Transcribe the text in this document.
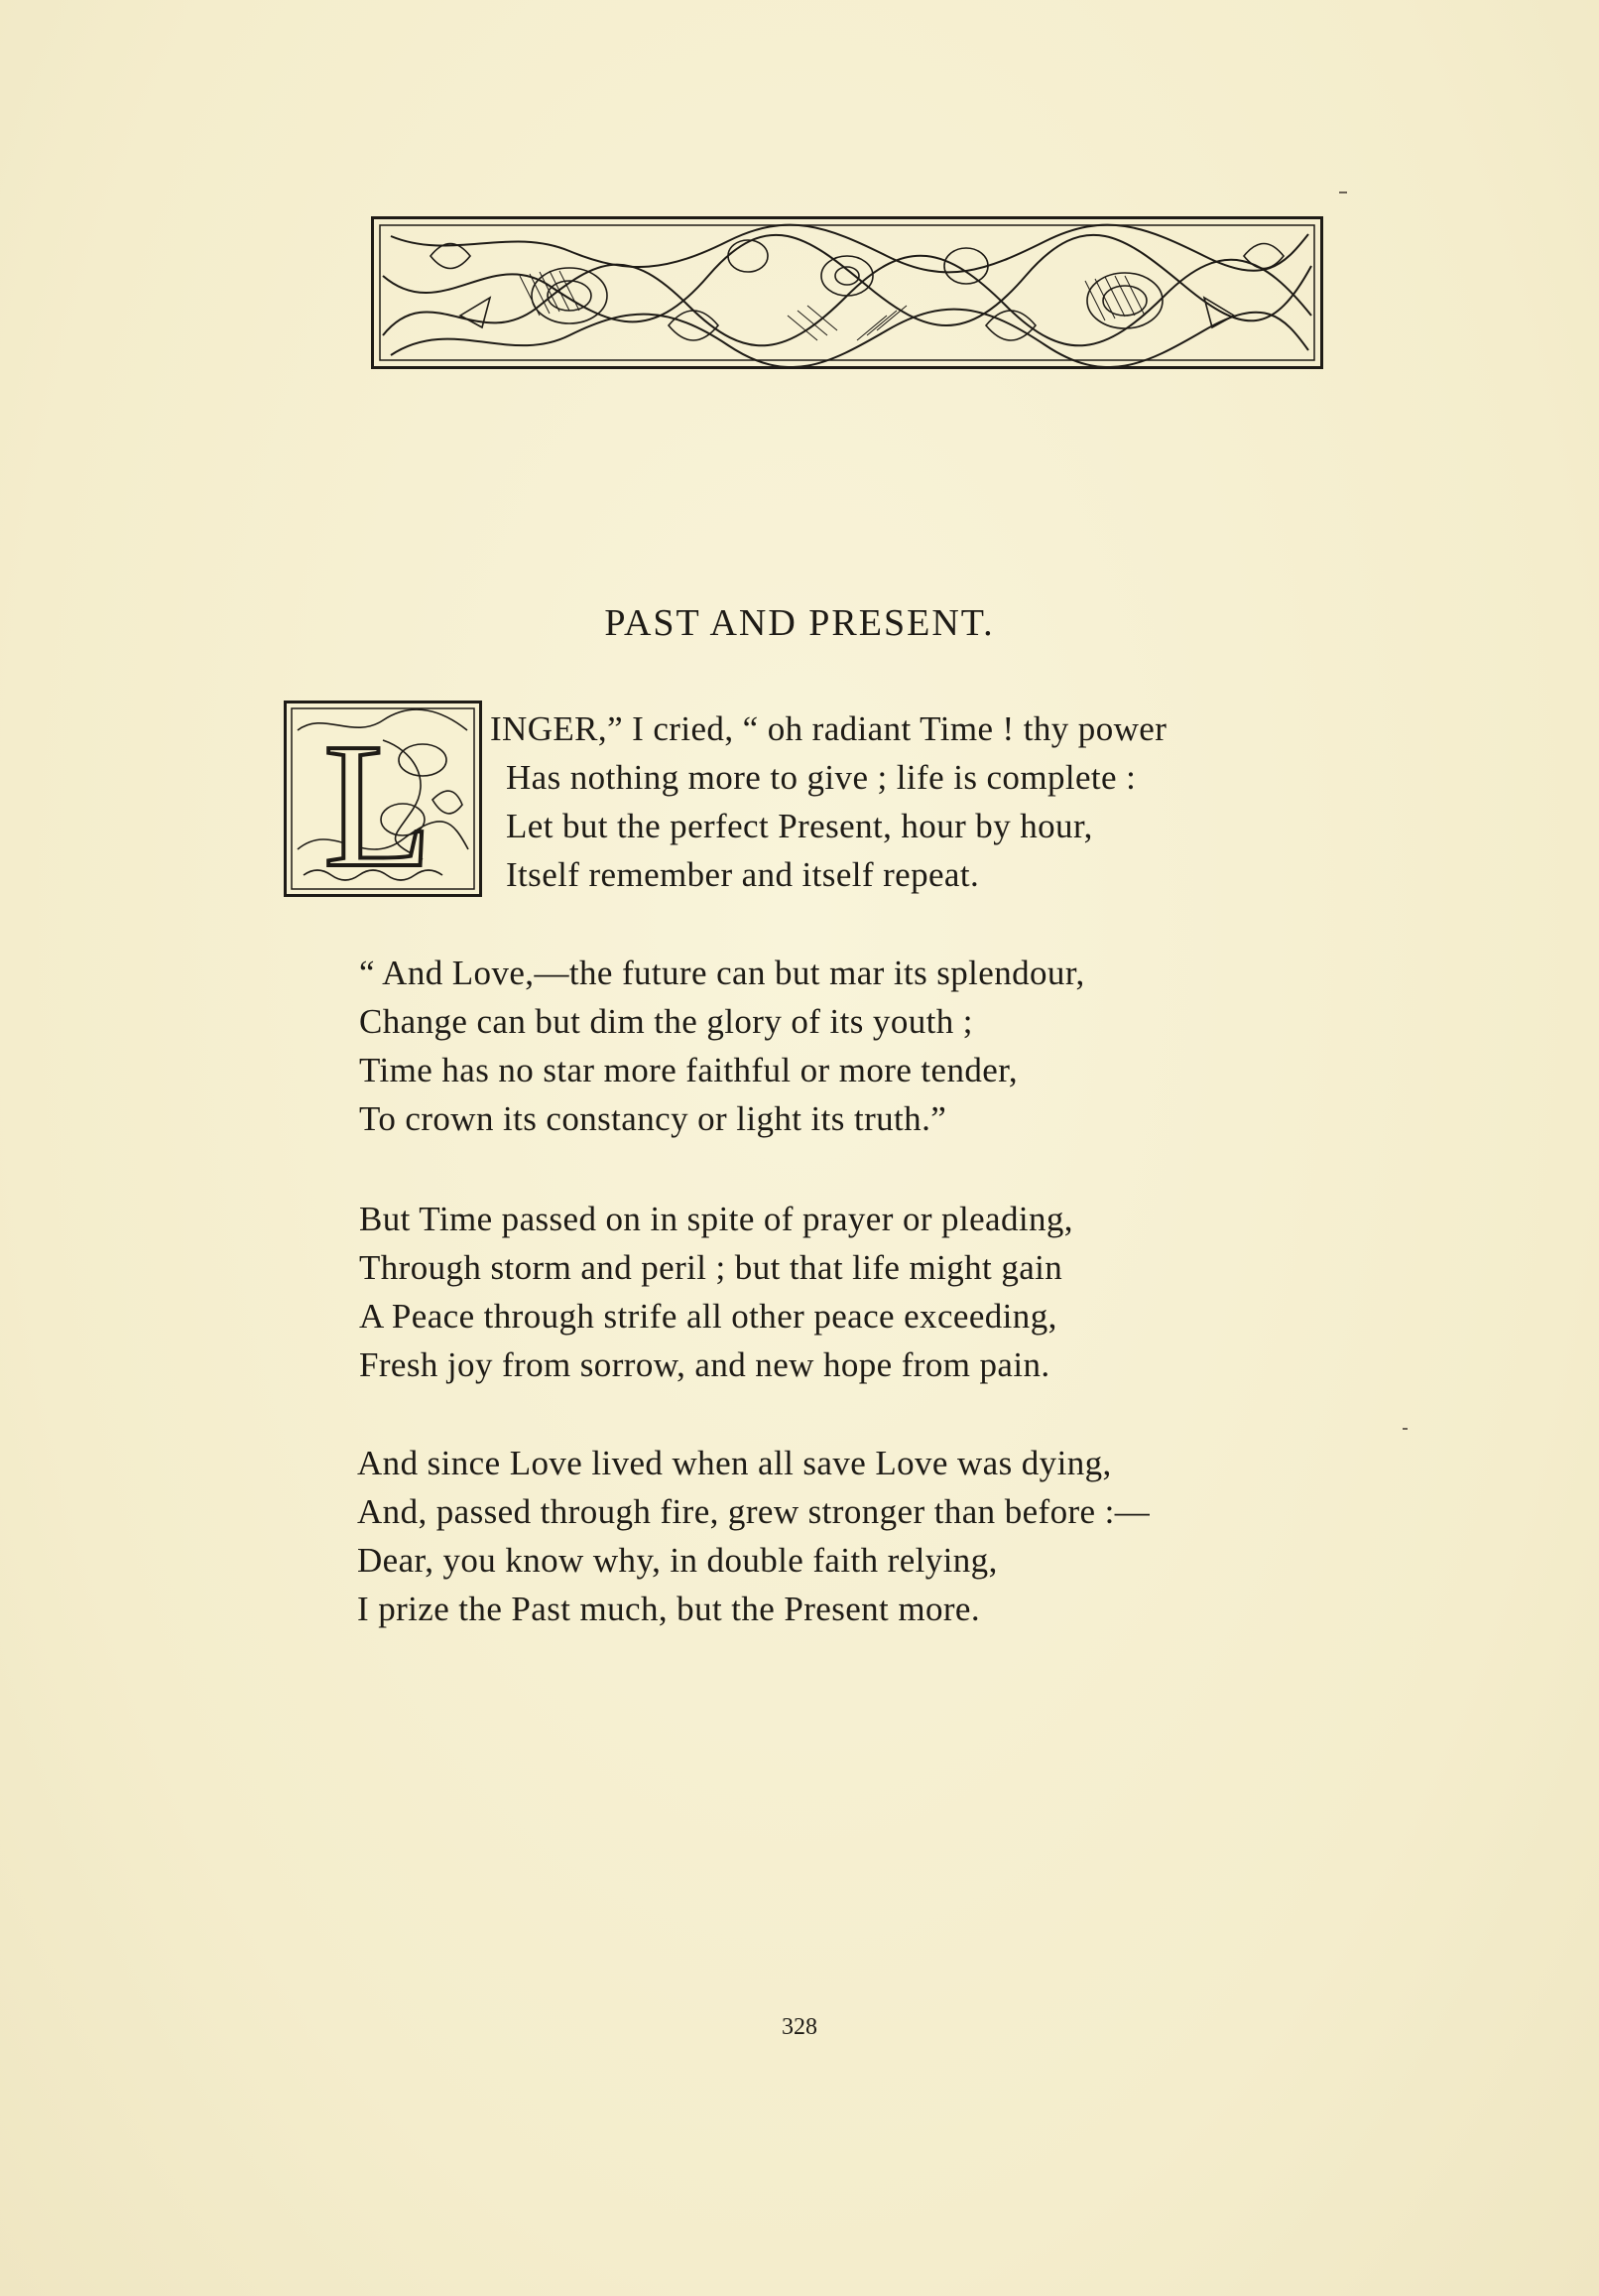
PAST AND PRESENT.
L INGER,” I cried, “ oh radiant Time ! thy power
Has nothing more to give ; life is complete :
Let but the perfect Present, hour by hour,
Itself remember and itself repeat.
“ And Love,—the future can but mar its splendour,
Change can but dim the glory of its youth ;
Time has no star more faithful or more tender,
To crown its constancy or light its truth.”
But Time passed on in spite of prayer or pleading,
Through storm and peril ; but that life might gain
A Peace through strife all other peace exceeding,
Fresh joy from sorrow, and new hope from pain.
And since Love lived when all save Love was dying,
And, passed through fire, grew stronger than before :—
Dear, you know why, in double faith relying,
I prize the Past much, but the Present more.
328
